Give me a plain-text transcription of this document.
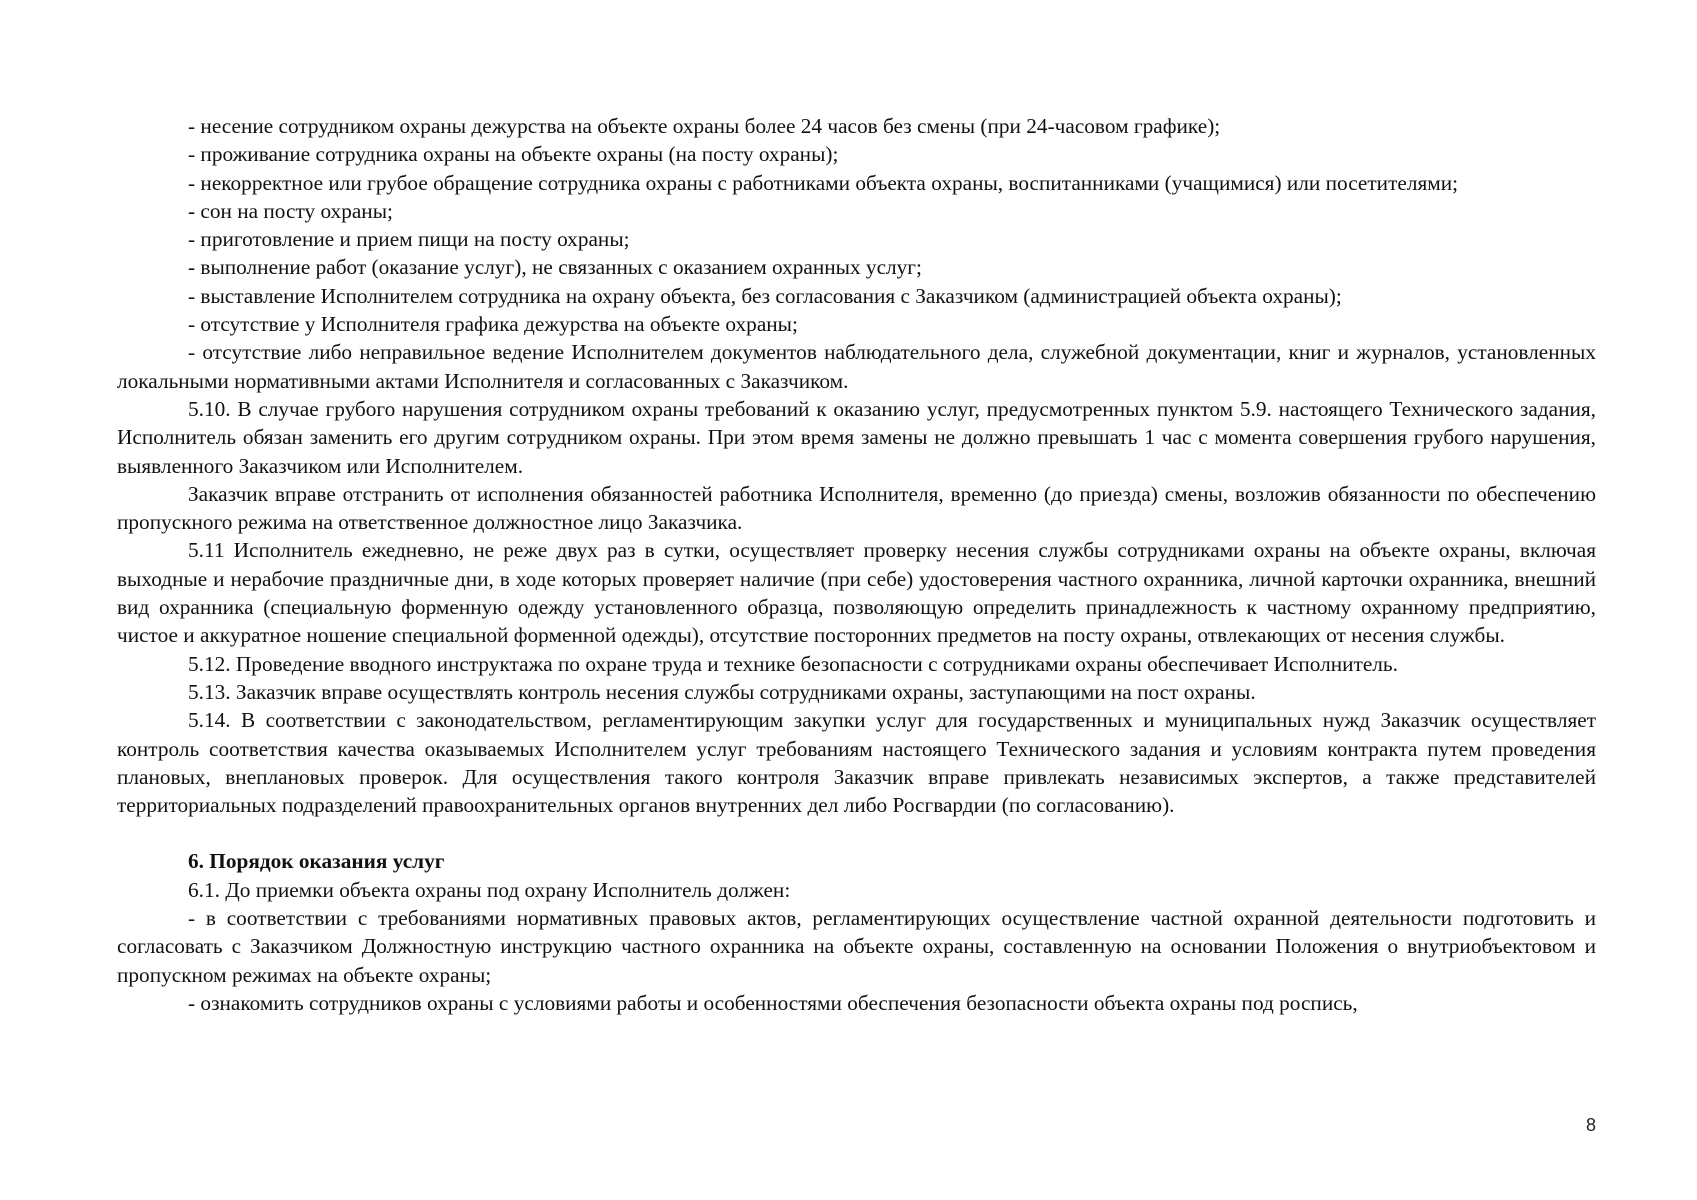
- несение сотрудником охраны дежурства на объекте охраны более 24 часов без смены (при 24-часовом графике);

- проживание сотрудника охраны на объекте охраны (на посту охраны);

- некорректное или грубое обращение сотрудника охраны с работниками объекта охраны, воспитанниками (учащимися) или посетителями;

- сон на посту охраны;

- приготовление и прием пищи на посту охраны;

- выполнение работ (оказание услуг), не связанных с оказанием охранных услуг;

- выставление Исполнителем сотрудника на охрану объекта, без согласования с Заказчиком (администрацией объекта охраны);

- отсутствие у Исполнителя графика дежурства на объекте охраны;

- отсутствие либо неправильное ведение Исполнителем документов наблюдательного дела, служебной документации, книг и журналов, установленных локальными нормативными актами Исполнителя и согласованных с Заказчиком.

5.10. В случае грубого нарушения сотрудником охраны требований к оказанию услуг, предусмотренных пунктом 5.9. настоящего Технического задания, Исполнитель обязан заменить его другим сотрудником охраны. При этом время замены не должно превышать 1 час с момента совершения грубого нарушения, выявленного Заказчиком или Исполнителем.

Заказчик вправе отстранить от исполнения обязанностей работника Исполнителя, временно (до приезда) смены, возложив обязанности по обеспечению пропускного режима на ответственное должностное лицо Заказчика.

5.11 Исполнитель ежедневно, не реже двух раз в сутки, осуществляет проверку несения службы сотрудниками охраны на объекте охраны, включая выходные и нерабочие праздничные дни, в ходе которых проверяет наличие (при себе) удостоверения частного охранника, личной карточки охранника, внешний вид охранника (специальную форменную одежду установленного образца, позволяющую определить принадлежность к частному охранному предприятию, чистое и аккуратное ношение специальной форменной одежды), отсутствие посторонних предметов на посту охраны, отвлекающих от несения службы.

5.12. Проведение вводного инструктажа по охране труда и технике безопасности с сотрудниками охраны обеспечивает Исполнитель.

5.13. Заказчик вправе осуществлять контроль несения службы сотрудниками охраны, заступающими на пост охраны.

5.14. В соответствии с законодательством, регламентирующим закупки услуг для государственных и муниципальных нужд Заказчик осуществляет контроль соответствия качества оказываемых Исполнителем услуг требованиям настоящего Технического задания и условиям контракта путем проведения плановых, внеплановых проверок. Для осуществления такого контроля Заказчик вправе привлекать независимых экспертов, а также представителей территориальных подразделений правоохранительных органов внутренних дел либо Росгвардии (по согласованию).

6. Порядок оказания услуг

6.1. До приемки объекта охраны под охрану Исполнитель должен:

- в соответствии с требованиями нормативных правовых актов, регламентирующих осуществление частной охранной деятельности подготовить и согласовать с Заказчиком Должностную инструкцию частного охранника на объекте охраны, составленную на основании Положения о внутриобъектовом и пропускном режимах на объекте охраны;

- ознакомить сотрудников охраны с условиями работы и особенностями обеспечения безопасности объекта охраны под роспись,

8
